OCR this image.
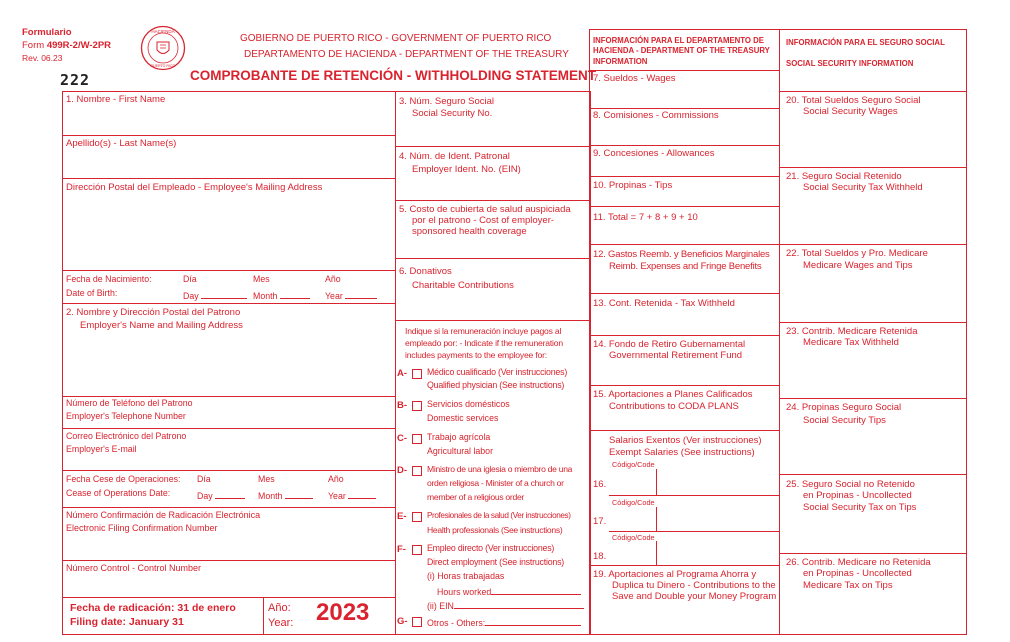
Formulario
Form 499R-2/W-2PR
Rev. 06.23
222
HACIENDA
PUERTO RICO
GOBIERNO DE PUERTO RICO - GOVERNMENT OF PUERTO RICO
DEPARTAMENTO DE HACIENDA - DEPARTMENT OF THE TREASURY
COMPROBANTE DE RETENCIÓN - WITHHOLDING STATEMENT
INFORMACIÓN PARA EL DEPARTAMENTO DE
HACIENDA - DEPARTMENT OF THE TREASURY
INFORMATION
INFORMACIÓN PARA EL SEGURO SOCIAL
SOCIAL SECURITY INFORMATION
1. Nombre - First Name
Apellido(s) - Last Name(s)
Dirección Postal del Empleado - Employee's Mailing Address
Fecha de Nacimiento:
Date of Birth:
Día	Mes	Año
Day	Month	Year
2. Nombre y Dirección Postal del Patrono
Employer's Name and Mailing Address
Número de Teléfono del Patrono
Employer's Telephone Number
Correo Electrónico del Patrono
Employer's E-mail
Fecha Cese de Operaciones:
Cease of Operations Date:
Día	Mes	Año
Day	Month	Year
Número Confirmación de Radicación Electrónica
Electronic Filing Confirmation Number
Número Control - Control Number
Fecha de radicación: 31 de enero
Filing date: January 31
Año:
Year: 2023
3. Núm. Seguro Social
Social Security No.
4. Núm. de Ident. Patronal
Employer Ident. No. (EIN)
5. Costo de cubierta de salud auspiciada
por el patrono - Cost of employer-
sponsored health coverage
6. Donativos
Charitable Contributions
Indique si la remuneración incluye pagos al
empleado por: - Indicate if the remuneration
includes payments to the employee for:
A- Médico cualificado (Ver instrucciones)
Qualified physician (See instructions)
B- Servicios domésticos
Domestic services
C- Trabajo agrícola
Agricultural labor
D- Ministro de una iglesia o miembro de una
orden religiosa - Minister of a church or
member of a religious order
E-	Profesionales de la salud (Ver instrucciones)
Health professionals (See instructions)
F- Empleo directo (Ver instrucciones)
Direct employment (See instructions)
(i) Horas trabajadas
Hours worked
(ii) EIN
G- Otros - Others:
7. Sueldos - Wages
8. Comisiones - Commissions
9. Concesiones - Allowances
10. Propinas - Tips
11. Total = 7 + 8 + 9 + 10
12. Gastos Reemb. y Beneficios Marginales
Reimb. Expenses and Fringe Benefits
13. Cont. Retenida - Tax Withheld
14. Fondo de Retiro Gubernamental
Governmental Retirement Fund
15. Aportaciones a Planes Calificados
Contributions to CODA PLANS
Salarios Exentos (Ver instrucciones)
Exempt Salaries (See instructions)
Código/Code
16.
Código/Code
17.
Código/Code
18.
19. Aportaciones al Programa Ahorra y
Duplica tu Dinero - Contributions to the
Save and Double your Money Program
20. Total Sueldos Seguro Social
Social Security Wages
21. Seguro Social Retenido
Social Security Tax Withheld
22. Total Sueldos y Pro. Medicare
Medicare Wages and Tips
23. Contrib. Medicare Retenida
Medicare Tax Withheld
24. Propinas Seguro Social
Social Security Tips
25. Seguro Social no Retenido
en Propinas - Uncollected
Social Security Tax on Tips
26. Contrib. Medicare no Retenida
en Propinas - Uncollected
Medicare Tax on Tips
